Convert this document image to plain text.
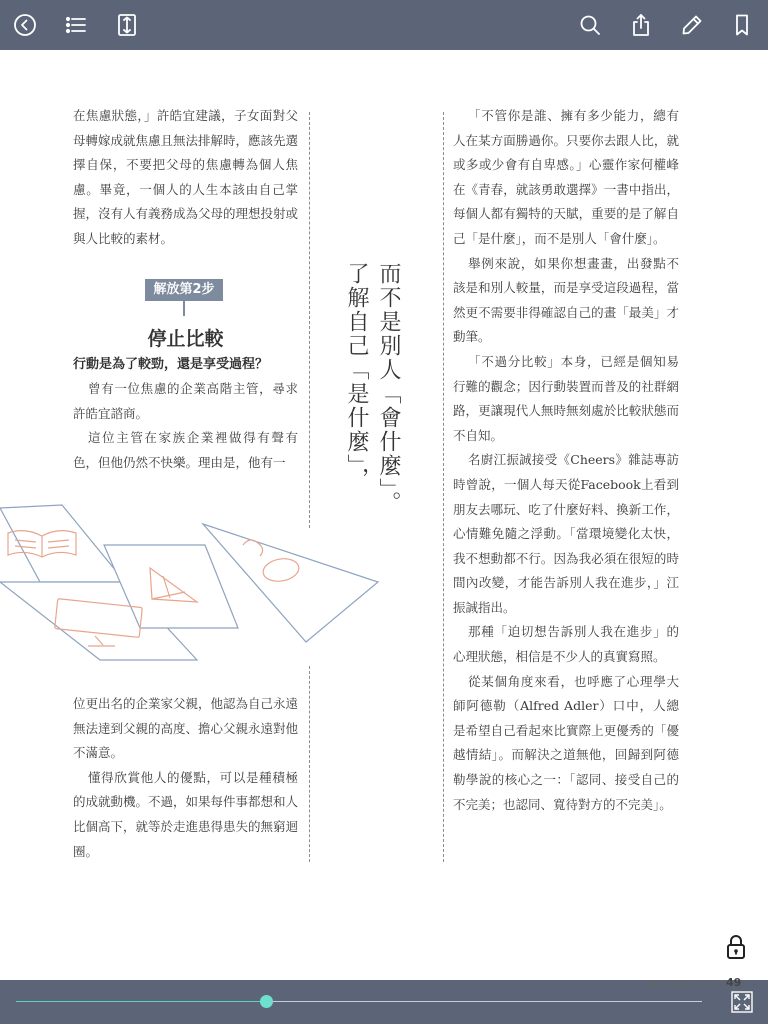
在焦慮狀態，」許皓宜建議，子女面對父母轉嫁成就焦慮且無法排解時，應該先選擇自保，不要把父母的焦慮轉為個人焦慮。畢竟，一個人的人生本該由自己掌握，沒有人有義務成為父母的理想投射或與人比較的素材。

解放第2步
停止比較
行動是為了較勁，還是享受過程？

曾有一位焦慮的企業高階主管，尋求許皓宜諮商。

這位主管在家族企業裡做得有聲有色，但他仍然不快樂。理由是，他有一

位更出名的企業家父親，他認為自己永遠無法達到父親的高度、擔心父親永遠對他不滿意。

懂得欣賞他人的優點，可以是種積極的成就動機。不過，如果每件事都想和人比個高下，就等於走進患得患失的無窮迴圈。

而不是別人「會什麼」。
了解自己「是什麼」，

「不管你是誰、擁有多少能力，總有人在某方面勝過你。只要你去跟人比，就或多或少會有自卑感。」心靈作家何權峰在《青春，就該勇敢選擇》一書中指出，每個人都有獨特的天賦，重要的是了解自己「是什麼」，而不是別人「會什麼」。

舉例來說，如果你想畫畫，出發點不該是和別人較量，而是享受這段過程，當然更不需要非得確認自己的畫「最美」才動筆。

「不過分比較」本身，已經是個知易行難的觀念；因行動裝置而普及的社群網路，更讓現代人無時無刻處於比較狀態而不自知。

名廚江振誠接受《Cheers》雜誌專訪時曾說，一個人每天從Facebook上看到朋友去哪玩、吃了什麼好料、換新工作，心情難免隨之浮動。「當環境變化太快，我不想動都不行。因為我必須在很短的時間內改變，才能告訴別人我在進步，」江振誠指出。

那種「迫切想告訴別人我在進步」的心理狀態，相信是不少人的真實寫照。

從某個角度來看，也呼應了心理學大師阿德勒（Alfred Adler）口中，人總是希望自己看起來比實際上更優秀的「優越情結」。而解決之道無他，回歸到阿德勒學說的核心之一：「認同、接受自己的不完美；也認同、寬待對方的不完美」。

www.cheers.com.tw 49
